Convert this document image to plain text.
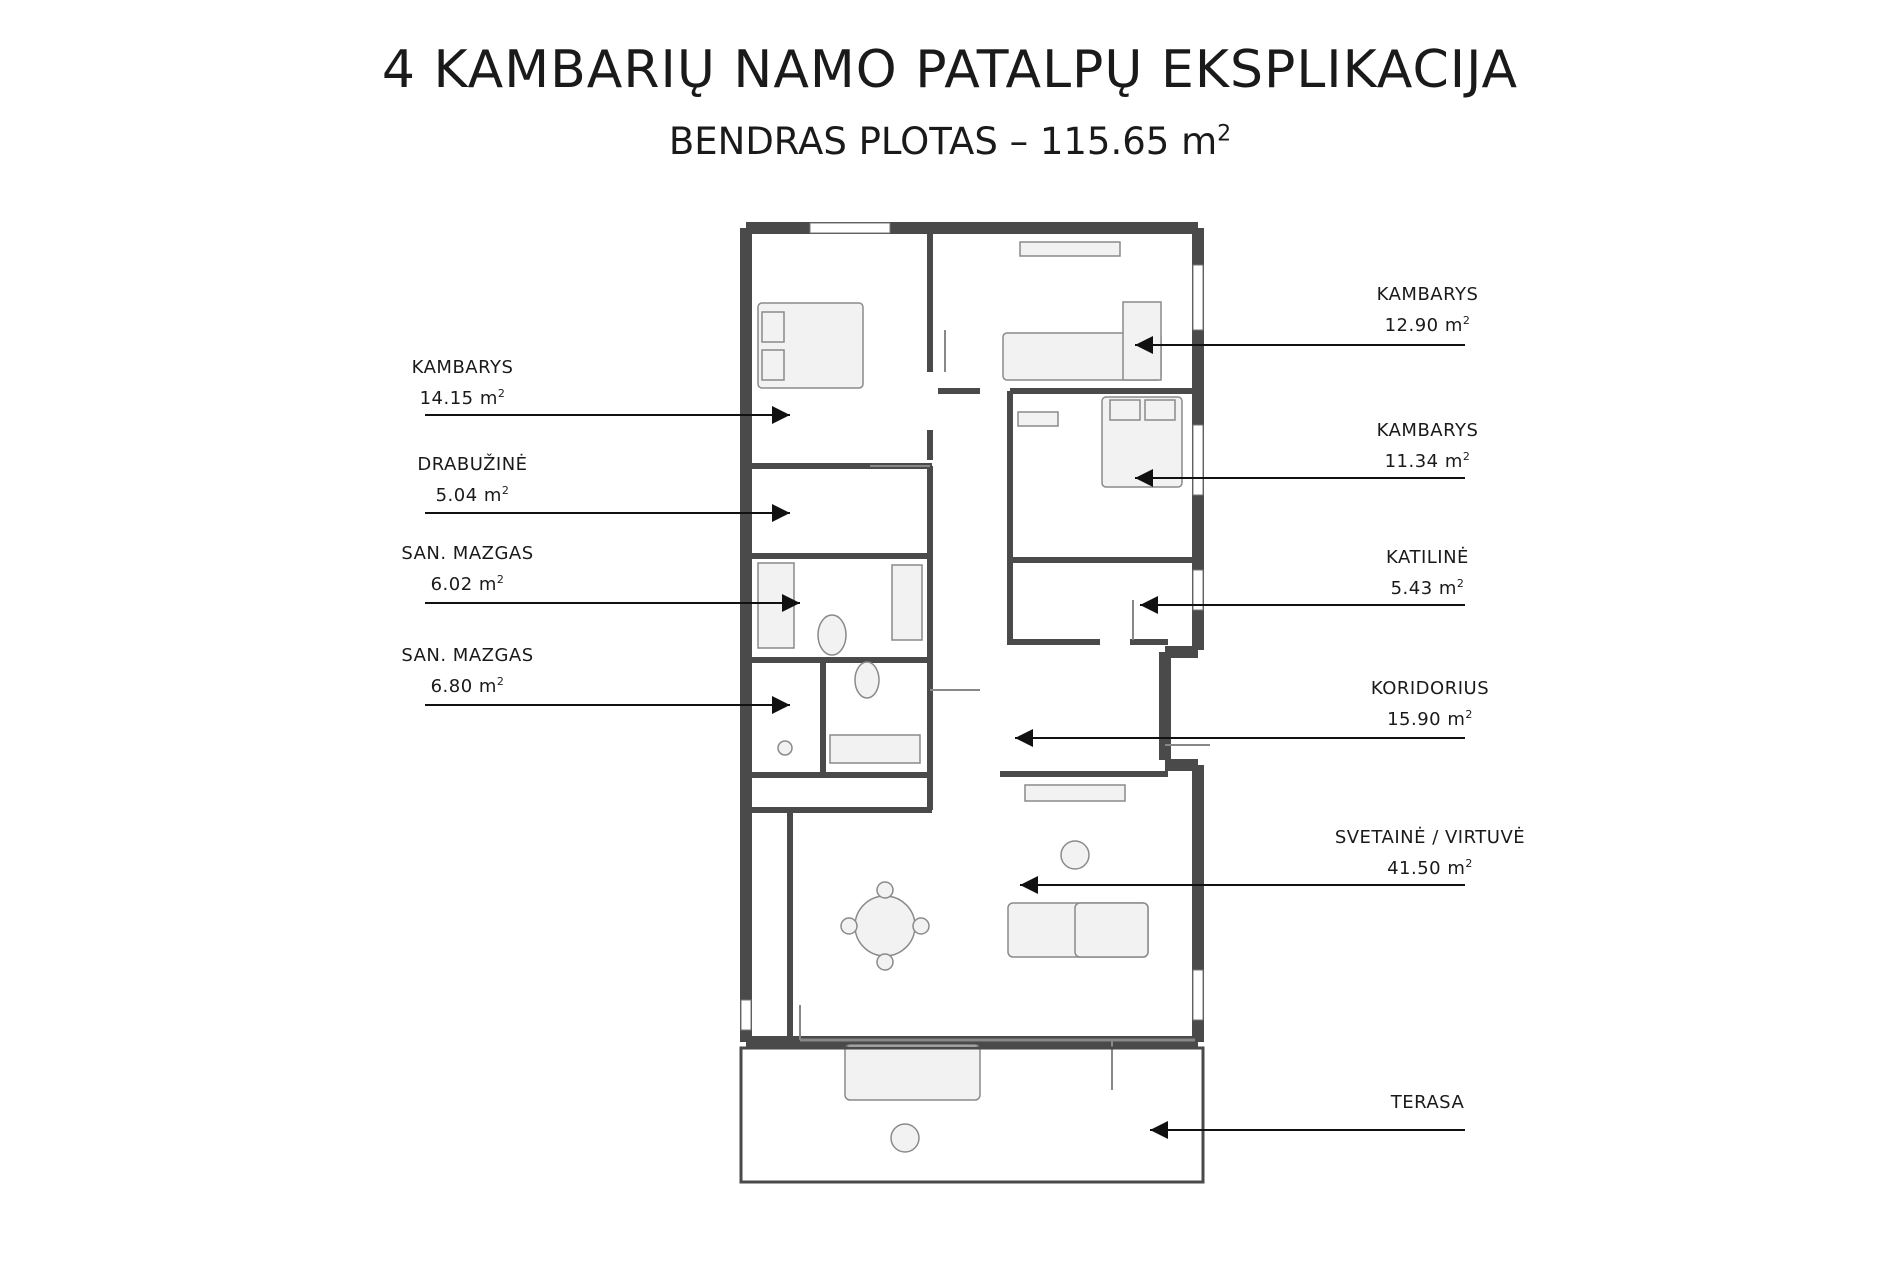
4 KAMBARIŲ NAMO PATALPŲ EKSPLIKACIJA
BENDRAS PLOTAS – 115.65 $m^2$
KAMBARYS
14.15 $m^2$
DRABUŽINĖ
5.04 $m^2$
SAN. MAZGAS
6.02 $m^2$
SAN. MAZGAS
6.80 $m^2$
KAMBARYS
12.90 $m^2$
KAMBARYS
11.34 $m^2$
KATILINĖ
5.43 $m^2$
KORIDORIUS
15.90 $m^2$
SVETAINĖ / VIRTUVĖ
41.50 $m^2$
TERASA
